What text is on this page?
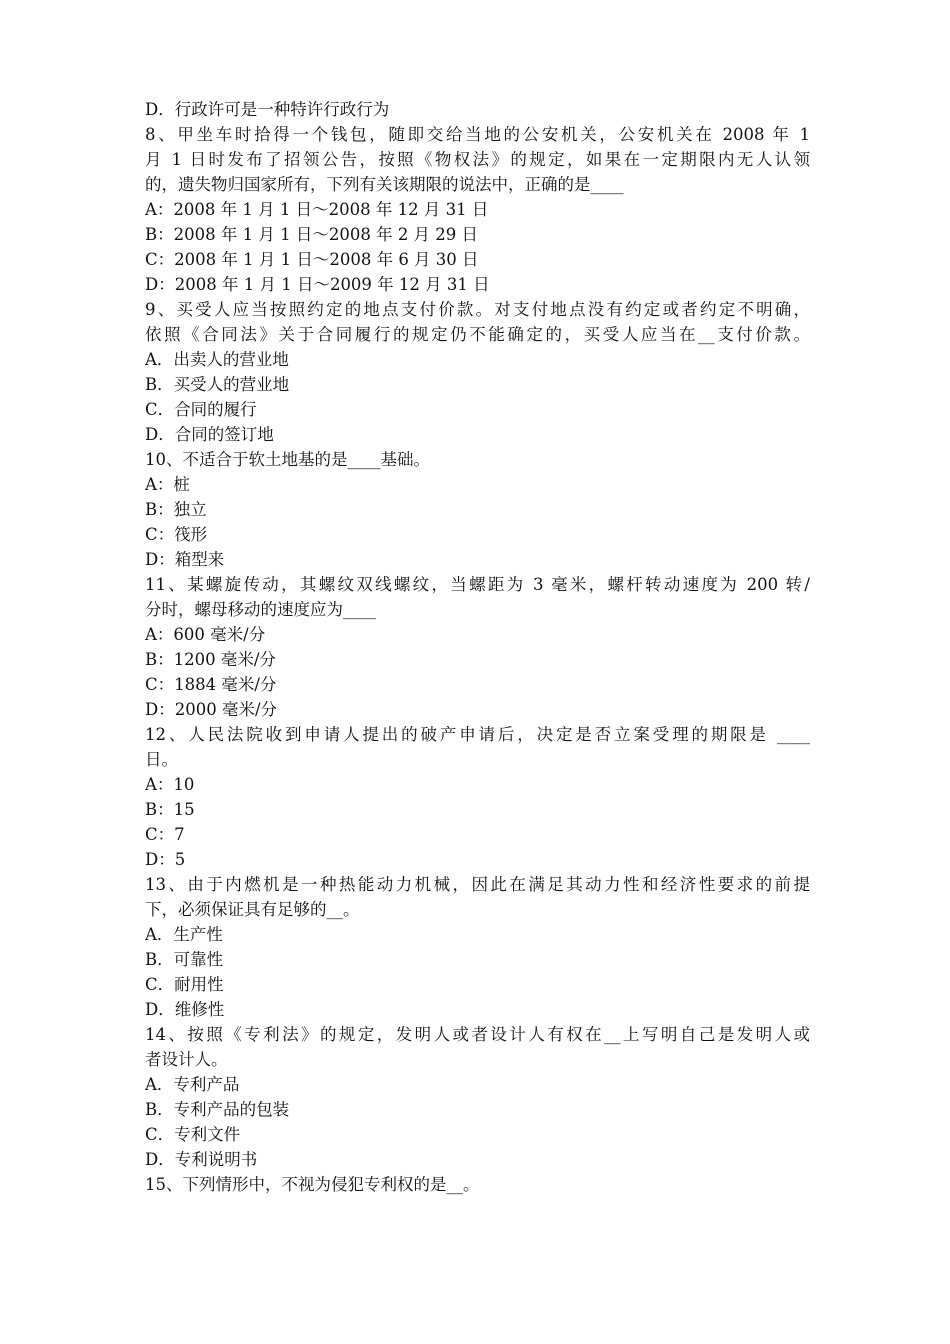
D．行政许可是一种特许行政行为
8、甲坐车时拾得一个钱包，随即交给当地的公安机关，公安机关在 2008 年 1
月 1 日时发布了招领公告，按照《物权法》的规定，如果在一定期限内无人认领
的，遗失物归国家所有，下列有关该期限的说法中，正确的是____
A：2008 年 1 月 1 日～2008 年 12 月 31 日
B：2008 年 1 月 1 日～2008 年 2 月 29 日
C：2008 年 1 月 1 日～2008 年 6 月 30 日
D：2008 年 1 月 1 日～2009 年 12 月 31 日
9、买受人应当按照约定的地点支付价款。对支付地点没有约定或者约定不明确，
依照《合同法》关于合同履行的规定仍不能确定的，买受人应当在__支付价款。
A．出卖人的营业地
B．买受人的营业地
C．合同的履行
D．合同的签订地
10、不适合于软土地基的是____基础。
A：桩
B：独立
C：筏形
D：箱型来
11、某螺旋传动，其螺纹双线螺纹，当螺距为 3 毫米，螺杆转动速度为 200 转/
分时，螺母移动的速度应为____
A：600 毫米/分
B：1200 毫米/分
C：1884 毫米/分
D：2000 毫米/分
12、人民法院收到申请人提出的破产申请后，决定是否立案受理的期限是 ____
日。
A：10
B：15
C：7
D：5
13、由于内燃机是一种热能动力机械，因此在满足其动力性和经济性要求的前提
下，必须保证具有足够的__。
A．生产性
B．可靠性
C．耐用性
D．维修性
14、按照《专利法》的规定，发明人或者设计人有权在__上写明自己是发明人或
者设计人。
A．专利产品
B．专利产品的包装
C．专利文件
D．专利说明书
15、下列情形中，不视为侵犯专利权的是__。
